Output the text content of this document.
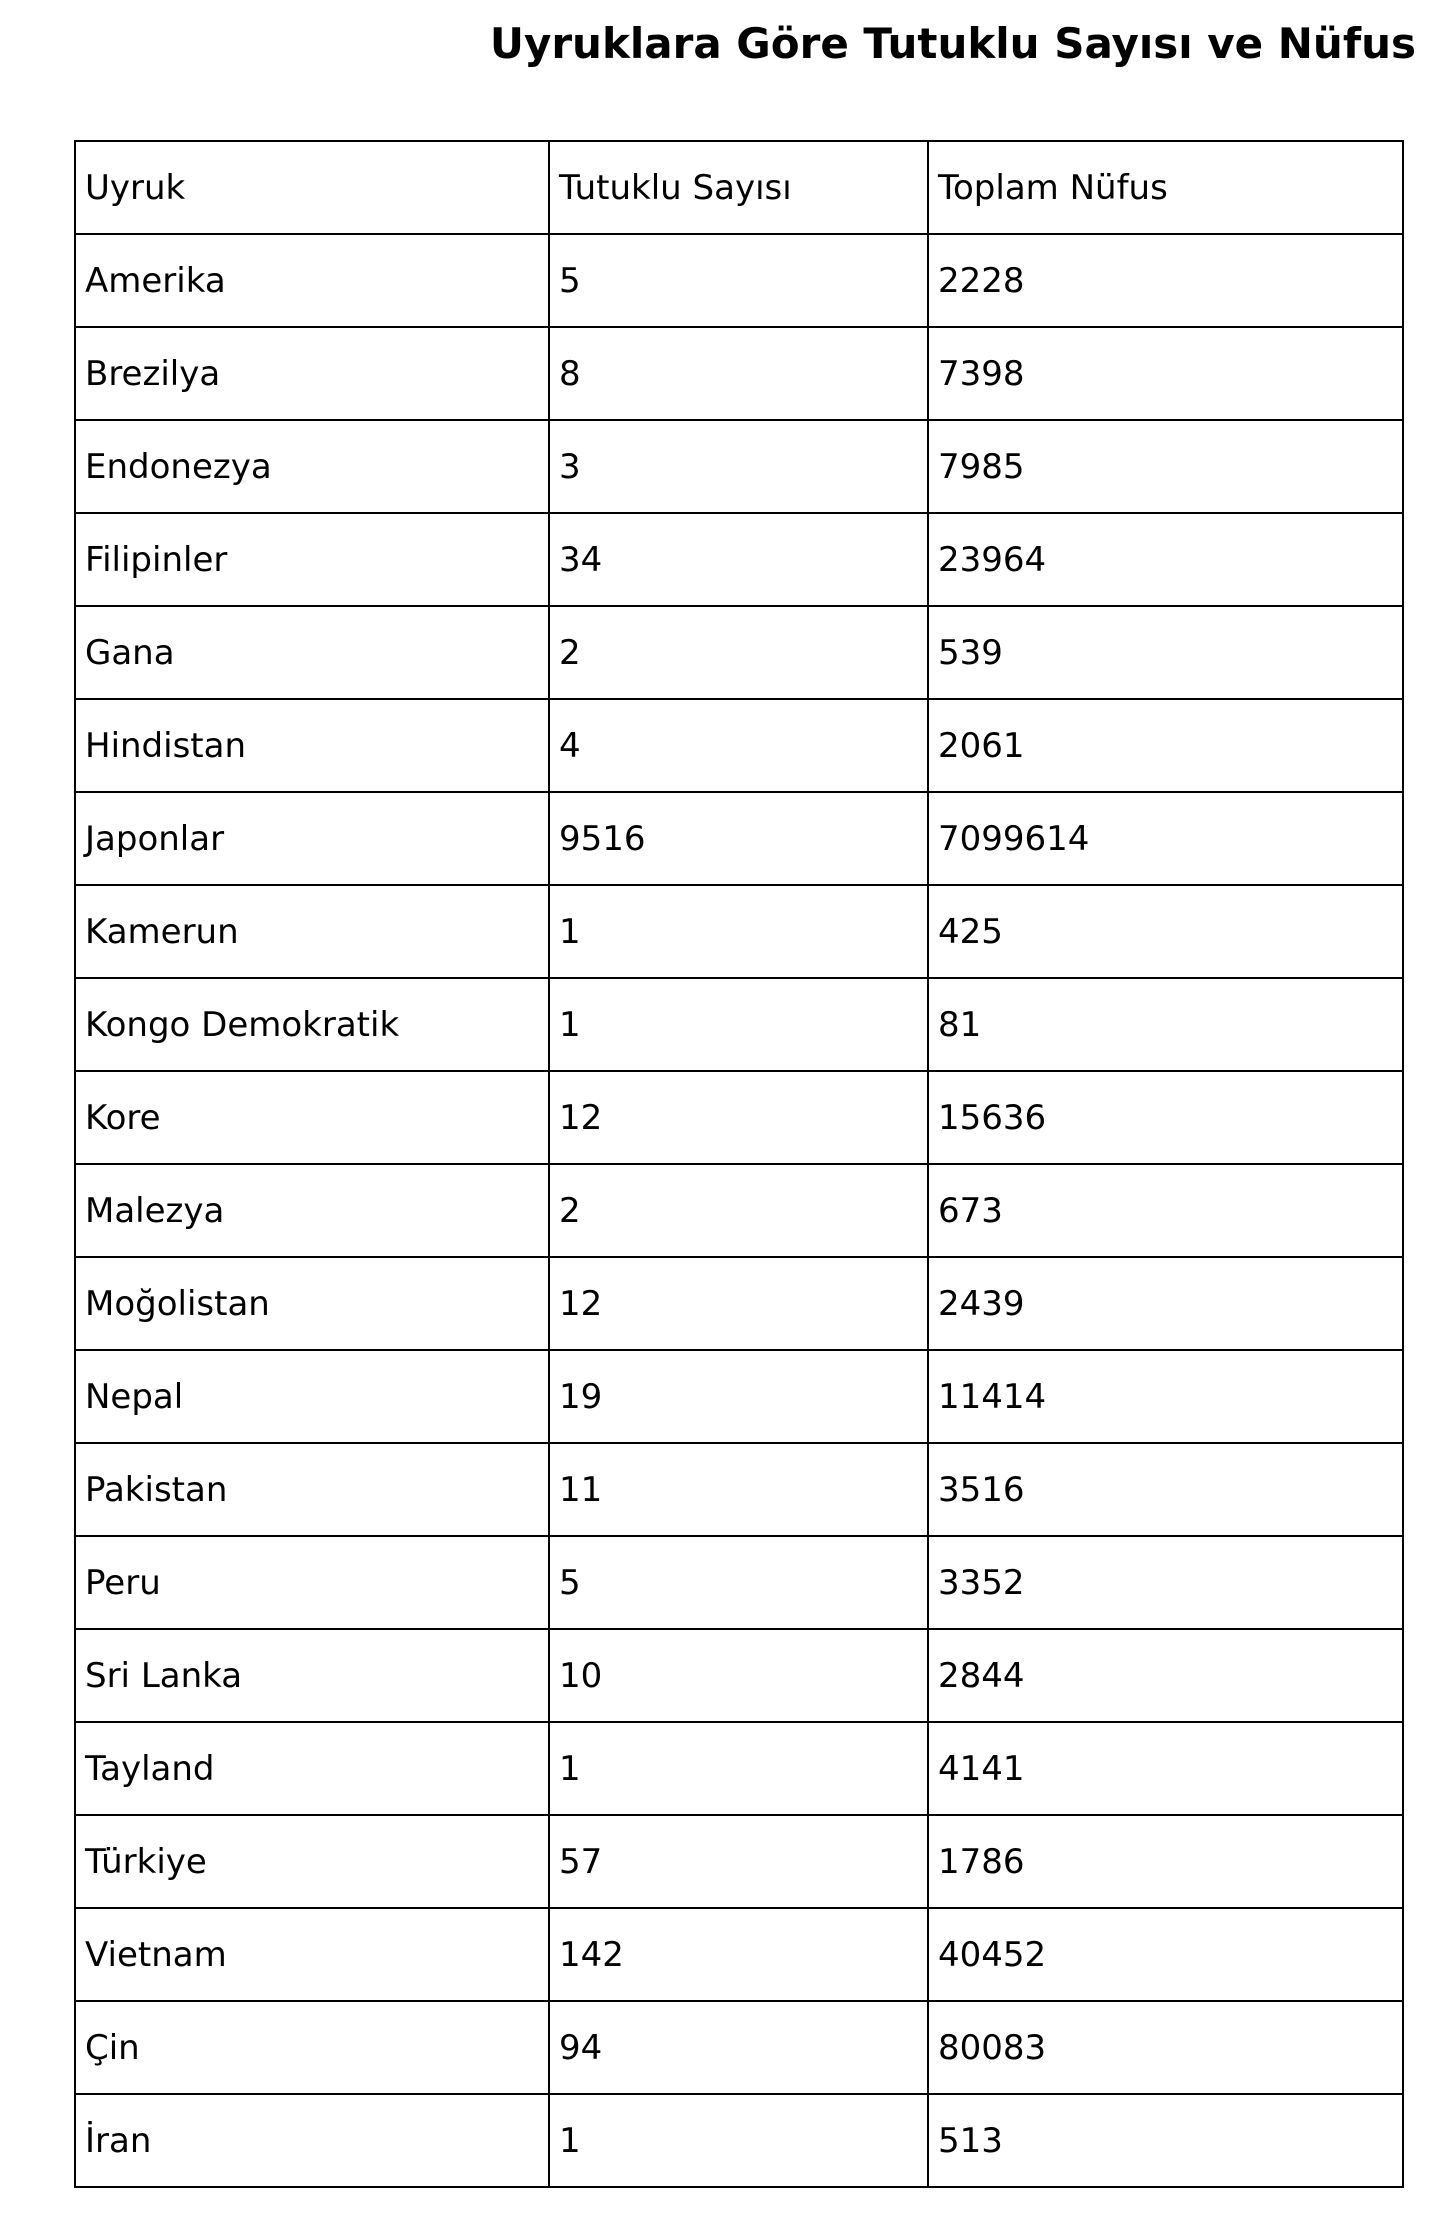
Uyruklara Göre Tutuklu Sayısı ve Nüfus
Uyruk	Tutuklu Sayısı	Toplam Nüfus
Amerika	5	2228
Brezilya	8	7398
Endonezya	3	7985
Filipinler	34	23964
Gana	2	539
Hindistan	4	2061
Japonlar	9516	7099614
Kamerun	1	425
Kongo Demokratik	1	81
Kore	12	15636
Malezya	2	673
Moğolistan	12	2439
Nepal	19	11414
Pakistan	11	3516
Peru	5	3352
Sri Lanka	10	2844
Tayland	1	4141
Türkiye	57	1786
Vietnam	142	40452
Çin	94	80083
İran	1	513
